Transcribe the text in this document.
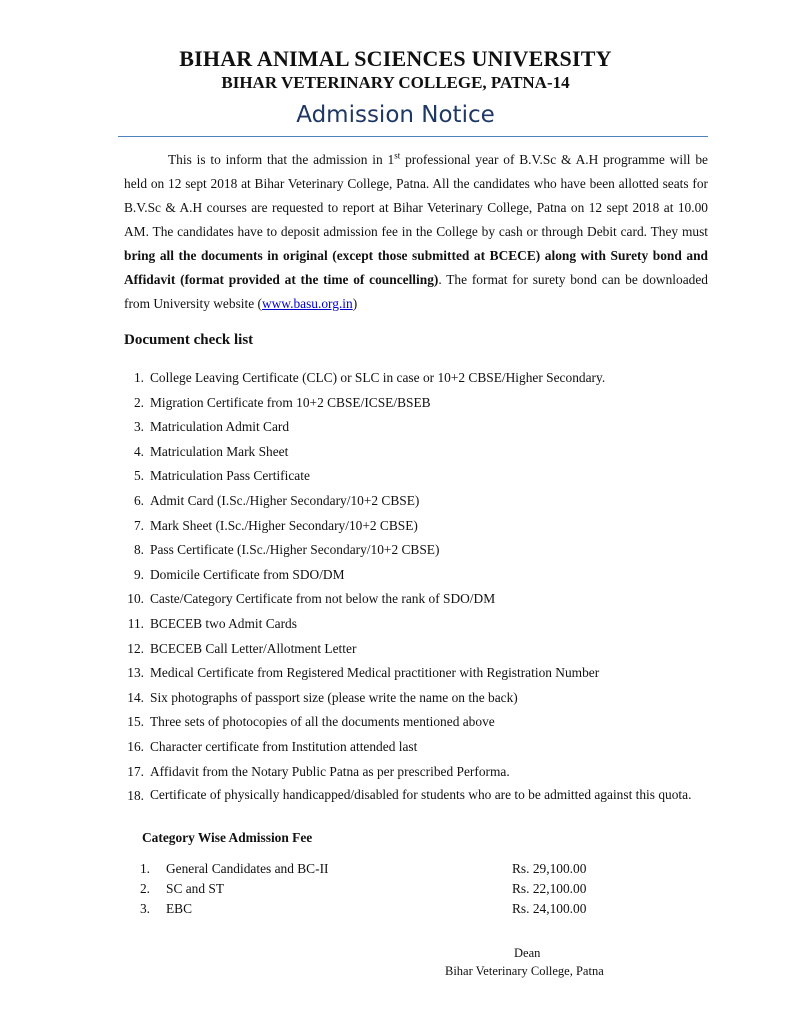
BIHAR ANIMAL SCIENCES UNIVERSITY
BIHAR VETERINARY COLLEGE, PATNA-14
Admission Notice
This is to inform that the admission in 1st professional year of B.V.Sc & A.H programme will be held on 12 sept 2018 at Bihar Veterinary College, Patna. All the candidates who have been allotted seats for B.V.Sc & A.H courses are requested to report at Bihar Veterinary College, Patna on 12 sept 2018 at 10.00 AM. The candidates have to deposit admission fee in the College by cash or through Debit card. They must bring all the documents in original (except those submitted at BCECE) along with Surety bond and Affidavit (format provided at the time of councelling). The format for surety bond can be downloaded from University website (www.basu.org.in)
Document check list
1. College Leaving Certificate (CLC) or SLC in case or 10+2 CBSE/Higher Secondary.
2. Migration Certificate from 10+2 CBSE/ICSE/BSEB
3. Matriculation Admit Card
4. Matriculation Mark Sheet
5. Matriculation Pass Certificate
6. Admit Card (I.Sc./Higher Secondary/10+2 CBSE)
7. Mark Sheet (I.Sc./Higher Secondary/10+2 CBSE)
8. Pass Certificate (I.Sc./Higher Secondary/10+2 CBSE)
9. Domicile Certificate from SDO/DM
10. Caste/Category Certificate from not below the rank of SDO/DM
11. BCECEB two Admit Cards
12. BCECEB Call Letter/Allotment Letter
13. Medical Certificate from Registered Medical practitioner with Registration Number
14. Six photographs of passport size (please write the name on the back)
15. Three sets of photocopies of all the documents mentioned above
16. Character certificate from Institution attended last
17. Affidavit from the Notary Public Patna as per prescribed Performa.
18. Certificate of physically handicapped/disabled for students who are to be admitted against this quota.
Category Wise Admission Fee
1. General Candidates and BC-II	Rs. 29,100.00
2. SC and ST	Rs. 22,100.00
3. EBC	Rs. 24,100.00
Dean
Bihar Veterinary College, Patna
